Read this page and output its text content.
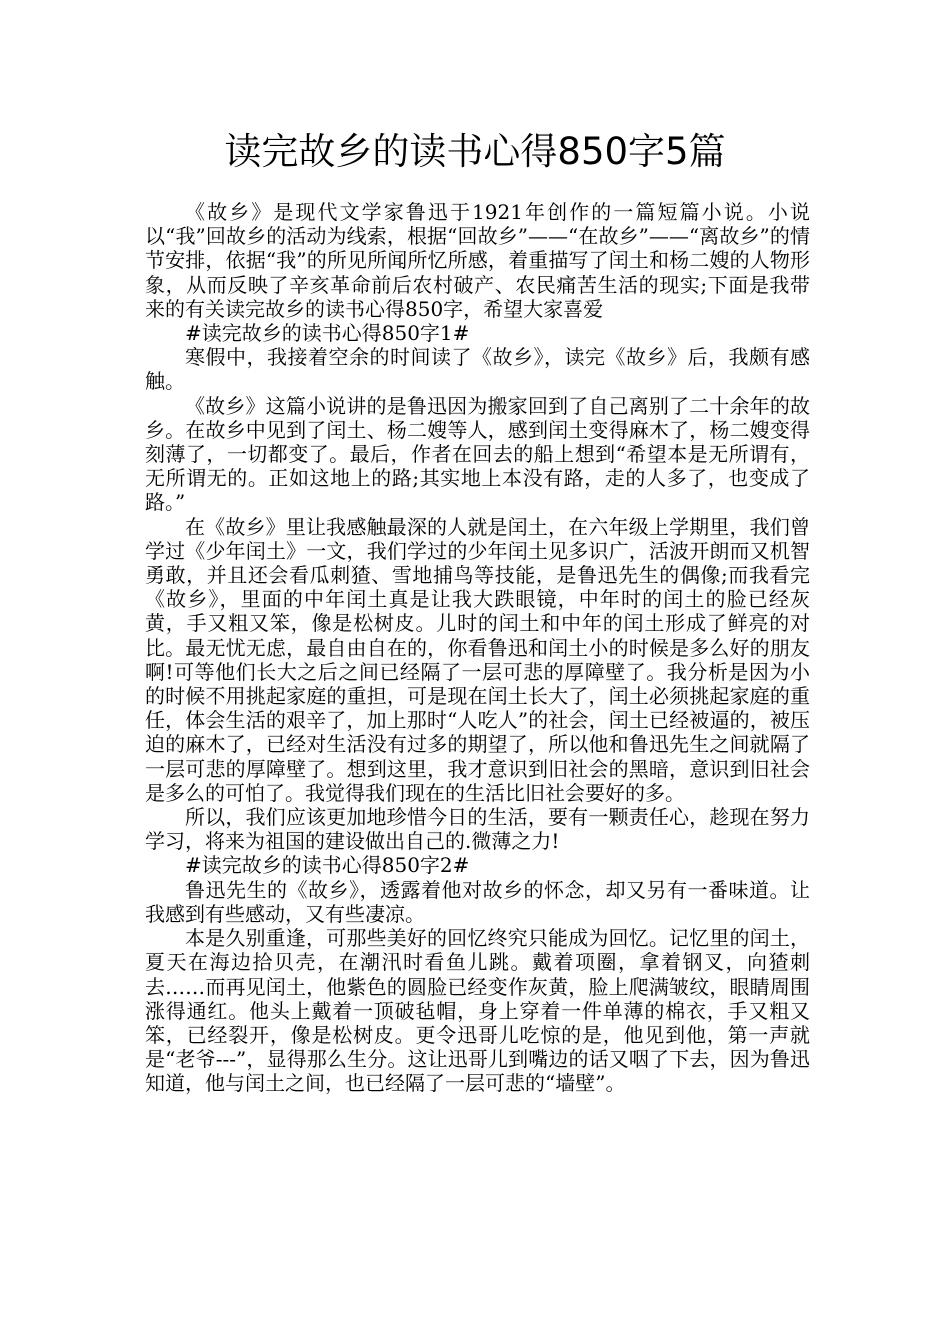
读完故乡的读书心得850字5篇

《故乡》是现代文学家鲁迅于1921年创作的一篇短篇小说。小说以“我”回故乡的活动为线索，根据“回故乡”——“在故乡”——“离故乡”的情节安排，依据“我”的所见所闻所忆所感，着重描写了闰土和杨二嫂的人物形象，从而反映了辛亥革命前后农村破产、农民痛苦生活的现实;下面是我带来的有关读完故乡的读书心得850字，希望大家喜爱

#读完故乡的读书心得850字1#

寒假中，我接着空余的时间读了《故乡》，读完《故乡》后，我颇有感触。

《故乡》这篇小说讲的是鲁迅因为搬家回到了自己离别了二十余年的故乡。在故乡中见到了闰土、杨二嫂等人，感到闰土变得麻木了，杨二嫂变得刻薄了，一切都变了。最后，作者在回去的船上想到“希望本是无所谓有，无所谓无的。正如这地上的路;其实地上本没有路，走的人多了，也变成了路。”

在《故乡》里让我感触最深的人就是闰土，在六年级上学期里，我们曾学过《少年闰土》一文，我们学过的少年闰土见多识广，活波开朗而又机智勇敢，并且还会看瓜刺猹、雪地捕鸟等技能，是鲁迅先生的偶像;而我看完《故乡》，里面的中年闰土真是让我大跌眼镜，中年时的闰土的脸已经灰黄，手又粗又笨，像是松树皮。儿时的闰土和中年的闰土形成了鲜亮的对比。最无忧无虑，最自由自在的，你看鲁迅和闰土小的时候是多么好的朋友啊!可等他们长大之后之间已经隔了一层可悲的厚障壁了。我分析是因为小的时候不用挑起家庭的重担，可是现在闰土长大了，闰土必须挑起家庭的重任，体会生活的艰辛了，加上那时“人吃人”的社会，闰土已经被逼的，被压迫的麻木了，已经对生活没有过多的期望了，所以他和鲁迅先生之间就隔了一层可悲的厚障壁了。想到这里，我才意识到旧社会的黑暗，意识到旧社会是多么的可怕了。我觉得我们现在的生活比旧社会要好的多。

所以，我们应该更加地珍惜今日的生活，要有一颗责任心，趁现在努力学习，将来为祖国的建设做出自己的.微薄之力!

#读完故乡的读书心得850字2#

鲁迅先生的《故乡》，透露着他对故乡的怀念，却又另有一番味道。让我感到有些感动，又有些凄凉。

本是久别重逢，可那些美好的回忆终究只能成为回忆。记忆里的闰土，夏天在海边拾贝壳，在潮汛时看鱼儿跳。戴着项圈，拿着钢叉，向猹刺去……而再见闰土，他紫色的圆脸已经变作灰黄，脸上爬满皱纹，眼睛周围涨得通红。他头上戴着一顶破毡帽，身上穿着一件单薄的棉衣，手又粗又笨，已经裂开，像是松树皮。更令迅哥儿吃惊的是，他见到他，第一声就是“老爷---”，显得那么生分。这让迅哥儿到嘴边的话又咽了下去，因为鲁迅知道，他与闰土之间，也已经隔了一层可悲的“墙壁”。
